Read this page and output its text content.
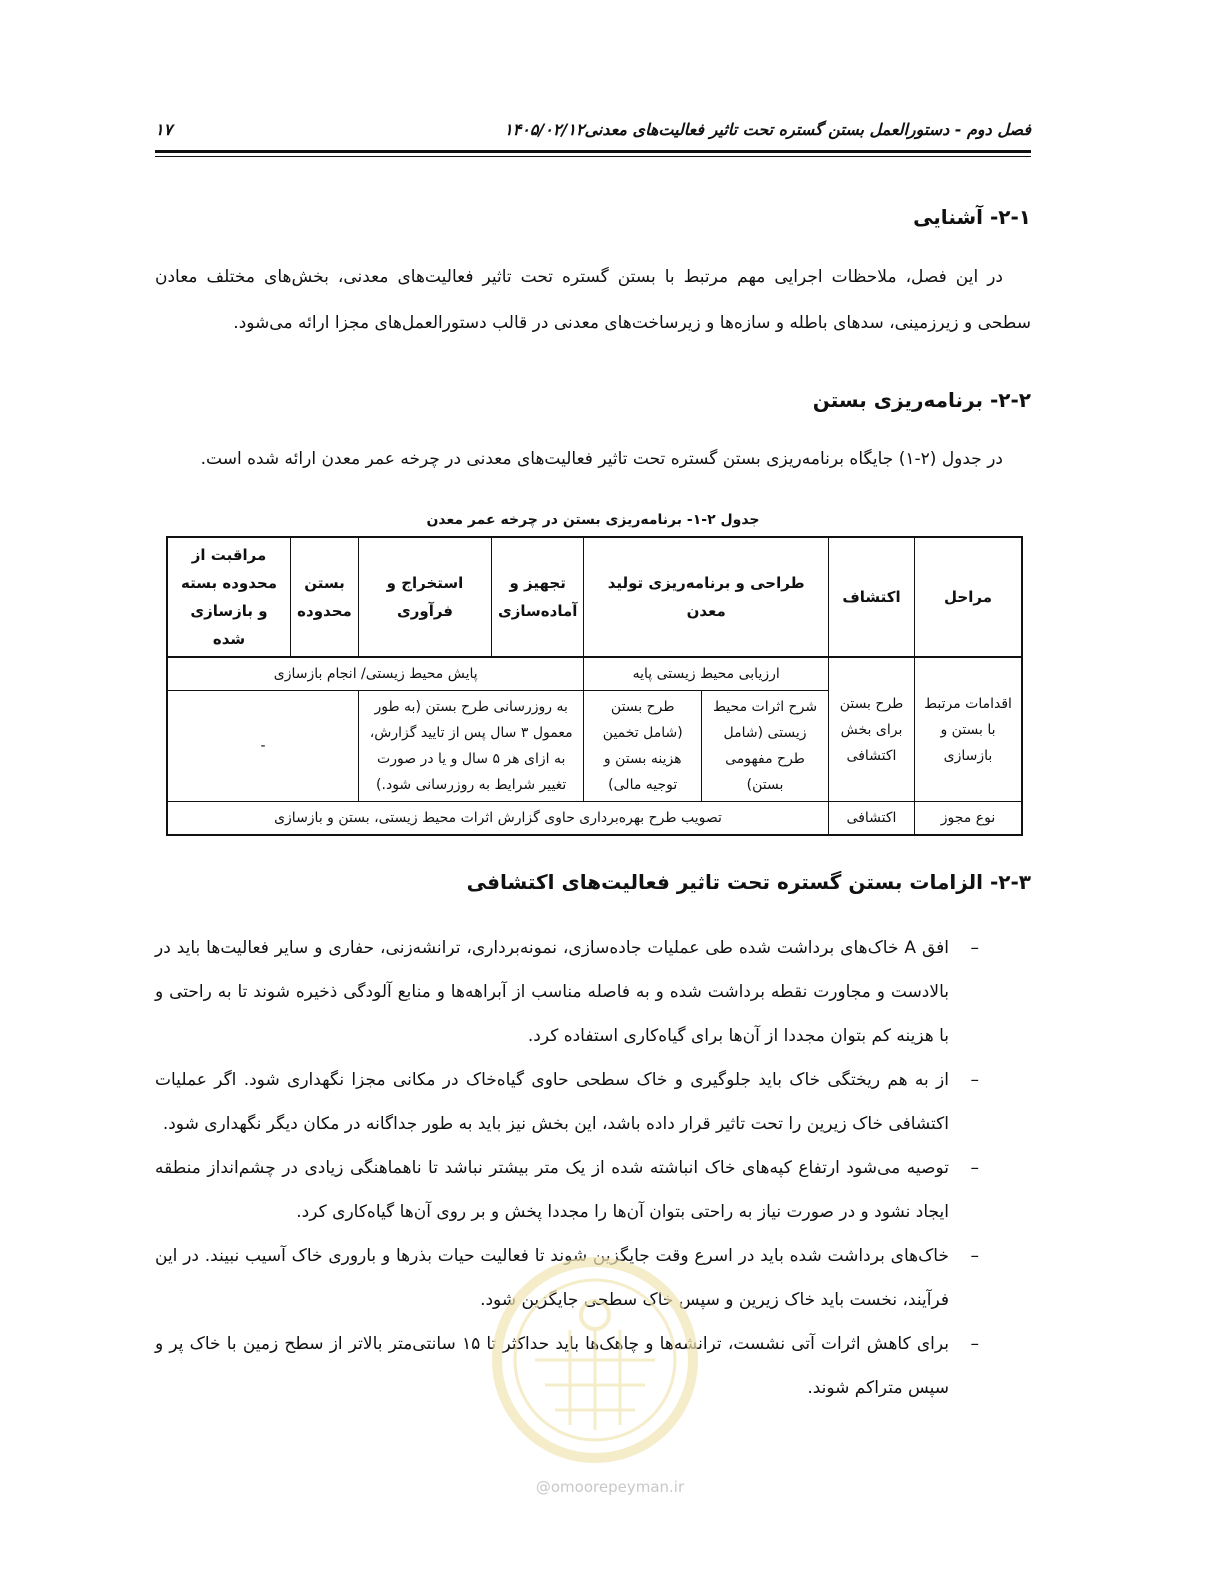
فصل دوم - دستورالعمل بستن گستره تحت تاثیر فعالیت‌های معدنی۱۴۰۵/۰۲/۱۲
۱۷
۲-۱- آشنایی
در این فصل، ملاحظات اجرایی مهم مرتبط با بستن گستره تحت تاثیر فعالیت‌های معدنی، بخش‌های مختلف معادن سطحی و زیرزمینی، سدهای باطله و سازه‌ها و زیرساخت‌های معدنی در قالب دستورالعمل‌های مجزا ارائه می‌شود.
۲-۲- برنامه‌ریزی بستن
در جدول (۲-۱) جایگاه برنامه‌ریزی بستن گستره تحت تاثیر فعالیت‌های معدنی در چرخه عمر معدن ارائه شده است.
جدول ۲-۱- برنامه‌ریزی بستن در چرخه عمر معدن
مراحل	اکتشاف	طراحی و برنامه‌ریزی تولید معدن		تجهیز و آماده‌سازی	استخراج و فرآوری	بستن محدوده	مراقبت از محدوده بسته و بازسازی شده
اقدامات مرتبط با بستن و بازسازی	طرح بستن برای بخش اکتشافی	ارزیابی محیط زیستی پایه		پایش محیط زیستی/ انجام بازسازی			
		شرح اثرات محیط زیستی (شامل طرح مفهومی بستن)	طرح بستن (شامل تخمین هزینه بستن و توجیه مالی)	به روزرسانی طرح بستن (به طور معمول ۳ سال پس از تایید گزارش، به ازای هر ۵ سال و یا در صورت تغییر شرایط به روزرسانی شود.)		-	
نوع مجوز	اکتشافی	تصویب طرح بهره‌برداری حاوی گزارش اثرات محیط زیستی، بستن و بازسازی					
۲-۳- الزامات بستن گستره تحت تاثیر فعالیت‌های اکتشافی
–
افق A خاک‌های برداشت شده طی عملیات جاده‌سازی، نمونه‌برداری، ترانشه‌زنی، حفاری و سایر فعالیت‌ها باید در بالادست و مجاورت نقطه برداشت شده و به فاصله مناسب از آبراهه‌ها و منابع آلودگی ذخیره شوند تا به راحتی و با هزینه کم بتوان مجددا از آن‌ها برای گیاه‌کاری استفاده کرد.
–
از به هم ریختگی خاک باید جلوگیری و خاک سطحی حاوی گیاه‌خاک در مکانی مجزا نگهداری شود. اگر عملیات اکتشافی خاک زیرین را تحت تاثیر قرار داده باشد، این بخش نیز باید به طور جداگانه در مکان دیگر نگهداری شود.
–
توصیه می‌شود ارتفاع کپه‌های خاک انباشته شده از یک متر بیشتر نباشد تا ناهماهنگی زیادی در چشم‌انداز منطقه ایجاد نشود و در صورت نیاز به راحتی بتوان آن‌ها را مجددا پخش و بر روی آن‌ها گیاه‌کاری کرد.
–
خاک‌های برداشت شده باید در اسرع وقت جایگزین شوند تا فعالیت حیات بذرها و باروری خاک آسیب نبیند. در این فرآیند، نخست باید خاک زیرین و سپس خاک سطحی جایگزین شود.
–
برای کاهش اثرات آتی نشست، ترانشه‌ها و چاهک‌ها باید حداکثر تا ۱۵ سانتی‌متر بالاتر از سطح زمین با خاک پر و سپس متراکم شوند.
@omoorepeyman.ir
